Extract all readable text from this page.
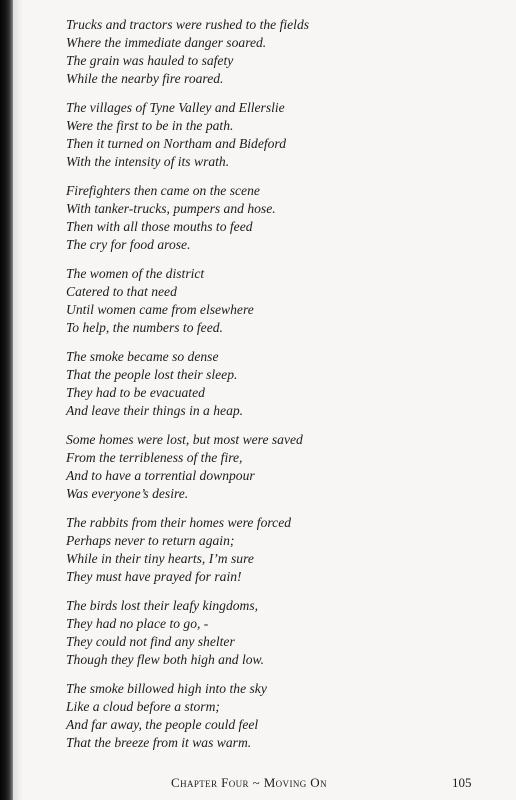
Trucks and tractors were rushed to the fields
Where the immediate danger soared.
The grain was hauled to safety
While the nearby fire roared.
The villages of Tyne Valley and Ellerslie
Were the first to be in the path.
Then it turned on Northam and Bideford
With the intensity of its wrath.
Firefighters then came on the scene
With tanker-trucks, pumpers and hose.
Then with all those mouths to feed
The cry for food arose.
The women of the district
Catered to that need
Until women came from elsewhere
To help, the numbers to feed.
The smoke became so dense
That the people lost their sleep.
They had to be evacuated
And leave their things in a heap.
Some homes were lost, but most were saved
From the terribleness of the fire,
And to have a torrential downpour
Was everyone’s desire.
The rabbits from their homes were forced
Perhaps never to return again;
While in their tiny hearts, I’m sure
They must have prayed for rain!
The birds lost their leafy kingdoms,
They had no place to go, -
They could not find any shelter
Though they flew both high and low.
The smoke billowed high into the sky
Like a cloud before a storm;
And far away, the people could feel
That the breeze from it was warm.
Chapter Four ~ Moving On	105
